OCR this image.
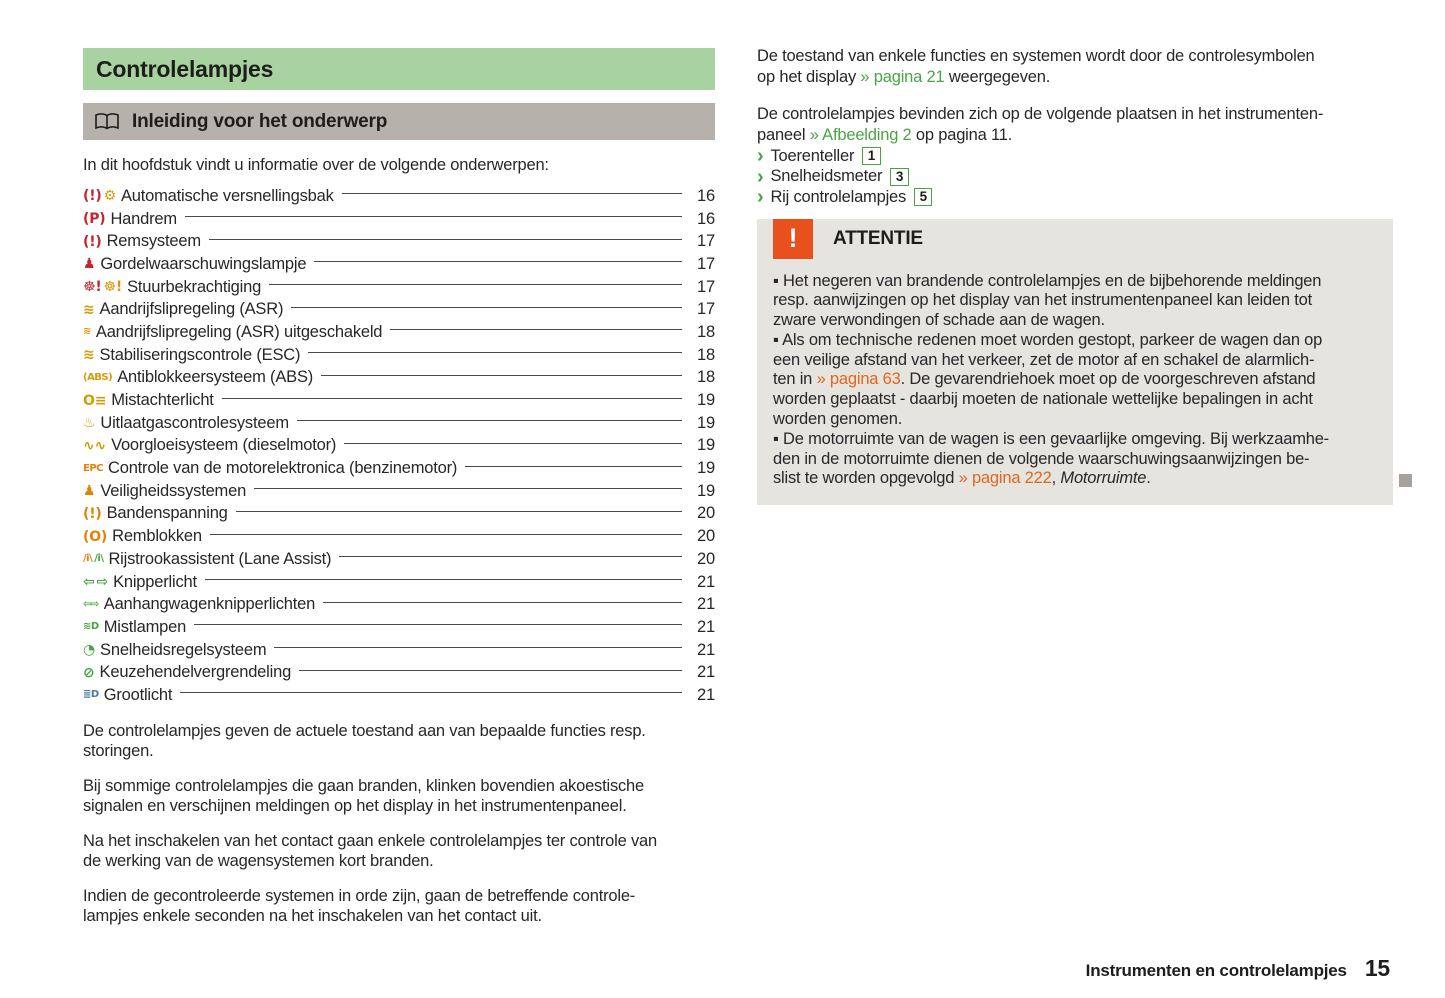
Controlelampjes
Inleiding voor het onderwerp
In dit hoofdstuk vindt u informatie over de volgende onderwerpen:
(!) ⚙ Automatische versnellingsbak	16
(P) Handrem	16
(!) Remsysteem	17
♟ Gordelwaarschuwingslampje	17
☸! ☸! Stuurbekrachtiging	17
≋ Aandrijfslipregeling (ASR)	17
≋ Aandrijfslipregeling (ASR) uitgeschakeld	18
≋ Stabiliseringscontrole (ESC)	18
(ABS) Antiblokkeersysteem (ABS)	18
O≡ Mistachterlicht	19
♨ Uitlaatgascontrolesysteem	19
∿∿ Voorgloeisysteem (dieselmotor)	19
EPC Controle van de motorelektronica (benzinemotor)	19
♟ Veiligheidssystemen	19
(!) Bandenspanning	20
(O) Remblokken	20
/i\ /i\ Rijstrookassistent (Lane Assist)	20
⇦ ⇨ Knipperlicht	21
⇦⇨ Aanhangwagenknipperlichten	21
≋D Mistlampen	21
◔ Snelheidsregelsysteem	21
⊘ Keuzehendelvergrendeling	21
≣D Grootlicht	21
De controlelampjes geven de actuele toestand aan van bepaalde functies resp.
storingen.
Bij sommige controlelampjes die gaan branden, klinken bovendien akoestische
signalen en verschijnen meldingen op het display in het instrumentenpaneel.
Na het inschakelen van het contact gaan enkele controlelampjes ter controle van
de werking van de wagensystemen kort branden.
Indien de gecontroleerde systemen in orde zijn, gaan de betreffende controle-
lampjes enkele seconden na het inschakelen van het contact uit.
De toestand van enkele functies en systemen wordt door de controlesymbolen
op het display » pagina 21 weergegeven.
De controlelampjes bevinden zich op de volgende plaatsen in het instrumenten-
paneel » Afbeelding 2 op pagina 11.
› Toerenteller	1
› Snelheidsmeter	3
› Rij controlelampjes	5
!	ATTENTIE
▪ Het negeren van brandende controlelampjes en de bijbehorende meldingen
resp. aanwijzingen op het display van het instrumentenpaneel kan leiden tot
zware verwondingen of schade aan de wagen.
▪ Als om technische redenen moet worden gestopt, parkeer de wagen dan op
een veilige afstand van het verkeer, zet de motor af en schakel de alarmlich-
ten in » pagina 63. De gevarendriehoek moet op de voorgeschreven afstand
worden geplaatst - daarbij moeten de nationale wettelijke bepalingen in acht
worden genomen.
▪ De motorruimte van de wagen is een gevaarlijke omgeving. Bij werkzaamhe-
den in de motorruimte dienen de volgende waarschuwingsaanwijzingen be-
slist te worden opgevolgd » pagina 222, Motorruimte.
Instrumenten en controlelampjes 15
